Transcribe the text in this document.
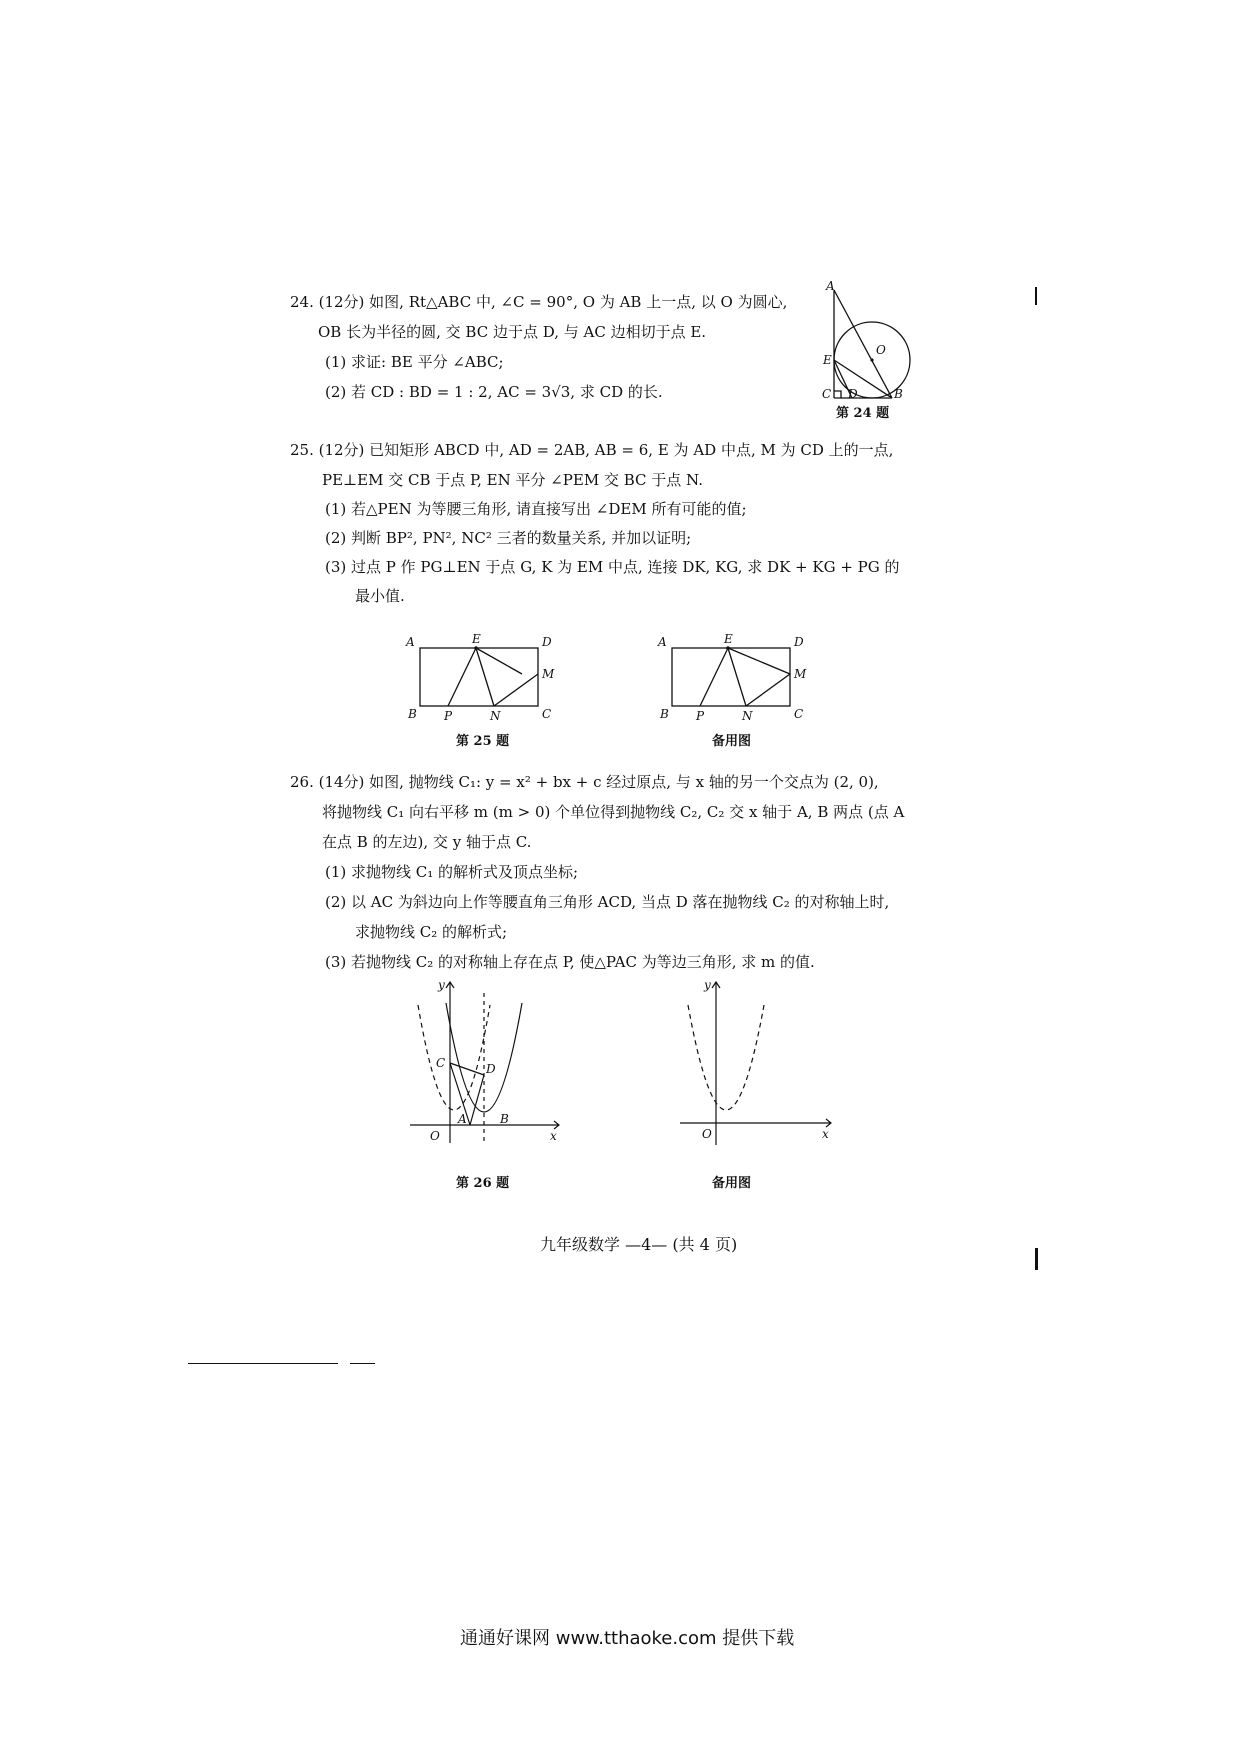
24. (12分) 如图, Rt△ABC 中, ∠C = 90°, O 为 AB 上一点, 以 O 为圆心,
OB 长为半径的圆, 交 BC 边于点 D, 与 AC 边相切于点 E.
(1) 求证: BE 平分 ∠ABC;
(2) 若 CD : BD = 1 : 2, AC = 3√3, 求 CD 的长.
A
E
O
C D	B
第 24 题
25. (12分) 已知矩形 ABCD 中, AD = 2AB, AB = 6, E 为 AD 中点, M 为 CD 上的一点,
PE⊥EM 交 CB 于点 P, EN 平分 ∠PEM 交 BC 于点 N.
(1) 若△PEN 为等腰三角形, 请直接写出 ∠DEM 所有可能的值;
(2) 判断 BP², PN², NC² 三者的数量关系, 并加以证明;
(3) 过点 P 作 PG⊥EN 于点 G, K 为 EM 中点, 连接 DK, KG, 求 DK + KG + PG 的
最小值.
A	E	D
M
B P	N	C
第 25 题
A	E	D
M
B P	N	C
备用图
26. (14分) 如图, 抛物线 C₁: y = x² + bx + c 经过原点, 与 x 轴的另一个交点为 (2, 0),
将抛物线 C₁ 向右平移 m (m > 0) 个单位得到抛物线 C₂, C₂ 交 x 轴于 A, B 两点 (点 A
在点 B 的左边), 交 y 轴于点 C.
(1) 求抛物线 C₁ 的解析式及顶点坐标;
(2) 以 AC 为斜边向上作等腰直角三角形 ACD, 当点 D 落在抛物线 C₂ 的对称轴上时,
求抛物线 C₂ 的解析式;
(3) 若抛物线 C₂ 的对称轴上存在点 P, 使△PAC 为等边三角形, 求 m 的值.
y
x
O
C	D
A	B
第 26 题
y
x
O
备用图
九年级数学 —4— (共 4 页)
通通好课网 www.tthaoke.com 提供下载
